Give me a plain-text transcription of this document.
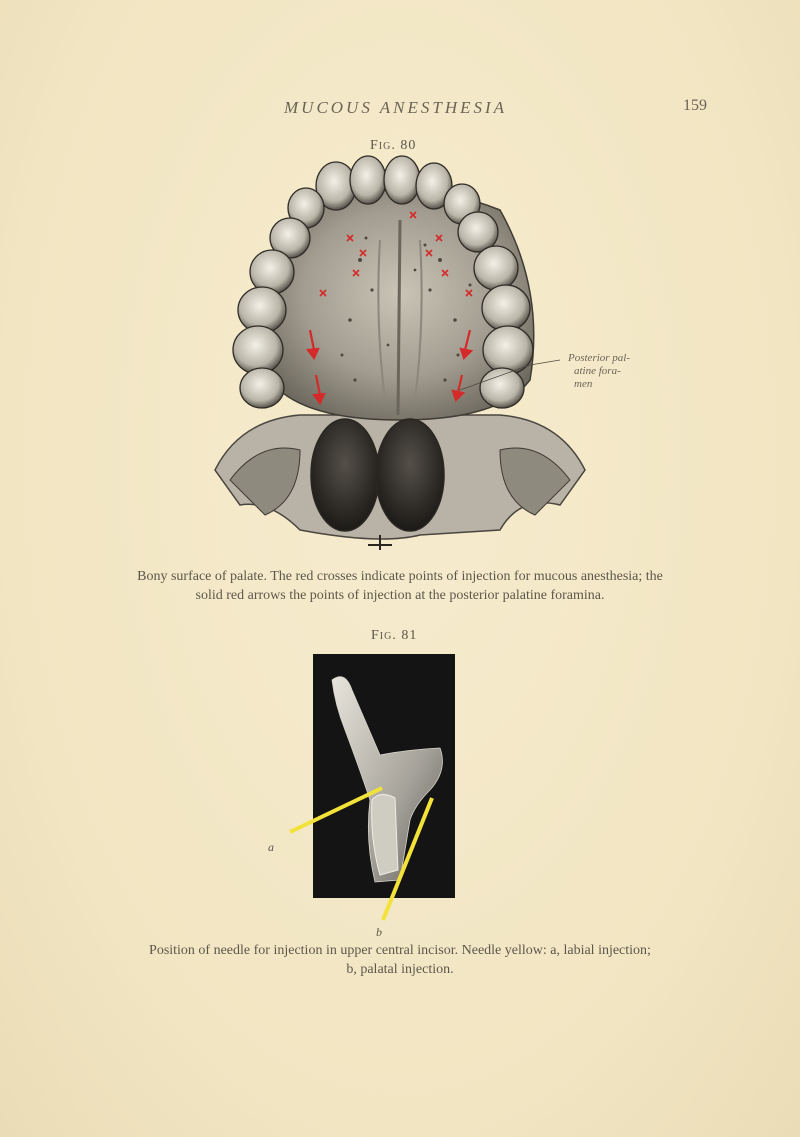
MUCOUS ANESTHESIA	159
Fig. 80
Posterior pal-
atine fora-
men
Bony surface of palate. The red crosses indicate points of injection for mucous anesthesia; the
solid red arrows the points of injection at the posterior palatine foramina.
Fig. 81
a
b
Position of needle for injection in upper central incisor. Needle yellow: a, labial injection;
b, palatal injection.
